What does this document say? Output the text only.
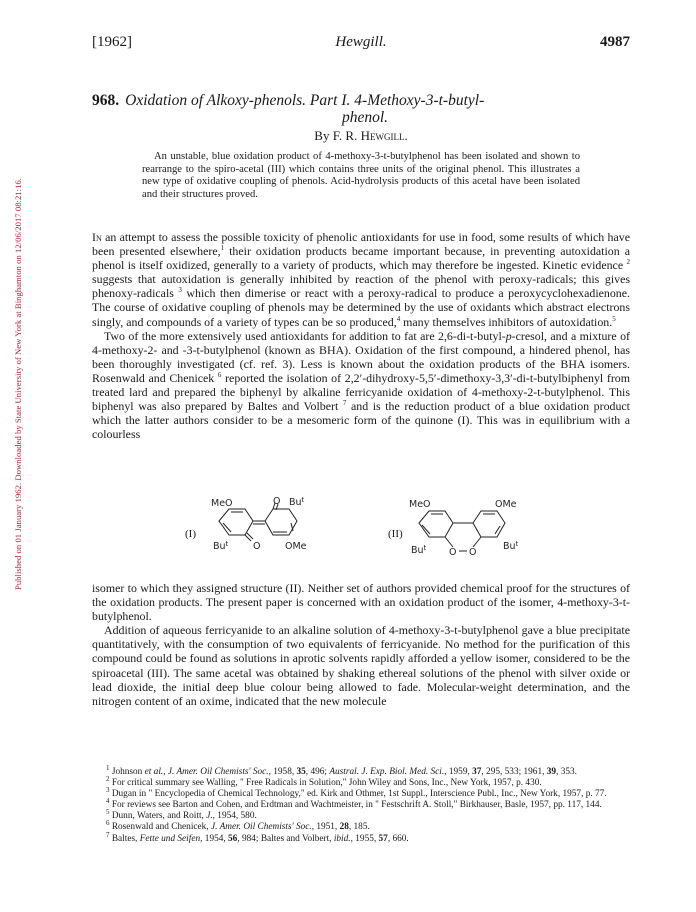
Published on 01 January 1962. Downloaded by State University of New York at Binghamton on 12/06/2017 08:21:16.
[1962]	Hewgill.	4987
968. Oxidation of Alkoxy-phenols. Part I. 4-Methoxy-3-t-butyl-
phenol.
By F. R. Hewgill.

An unstable, blue oxidation product of 4-methoxy-3-t-butylphenol has been isolated and shown to rearrange to the spiro-acetal (III) which contains three units of the original phenol. This illustrates a new type of oxidative coupling of phenols. Acid-hydrolysis products of this acetal have been isolated and their structures proved.

In an attempt to assess the possible toxicity of phenolic antioxidants for use in food, some results of which have been presented elsewhere,$^1$ their oxidation products became important because, in preventing autoxidation a phenol is itself oxidized, generally to a variety of products, which may therefore be ingested. Kinetic evidence $^2$ suggests that autoxidation is generally inhibited by reaction of the phenol with peroxy-radicals; this gives phenoxy-radicals $^3$ which then dimerise or react with a peroxy-radical to produce a peroxycyclohexadienone. The course of oxidative coupling of phenols may be determined by the use of oxidants which abstract electrons singly, and compounds of a variety of types can be so produced,$^4$ many themselves inhibitors of autoxidation.$^5$

Two of the more extensively used antioxidants for addition to fat are 2,6-di-t-butyl-p-cresol, and a mixture of 4-methoxy-2- and -3-t-butylphenol (known as BHA). Oxidation of the first compound, a hindered phenol, has been thoroughly investigated (cf. ref. 3). Less is known about the oxidation products of the BHA isomers. Rosenwald and Chenicek $^6$ reported the isolation of 2,2′-dihydroxy-5,5′-dimethoxy-3,3′-di-t-butylbiphenyl from treated lard and prepared the biphenyl by alkaline ferricyanide oxidation of 4-methoxy-2-t-butylphenol. This biphenyl was also prepared by Baltes and Volbert $^7$ and is the reduction product of a blue oxidation product which the latter authors consider to be a mesomeric form of the quinone (I). This was in equilibrium with a colourless

(I)	(II)
MeO	O Bu$^t$
Bu$^t$	O	OMe
MeO	OMe
Bu$^t$ O O
Bu$^t$

isomer to which they assigned structure (II). Neither set of authors provided chemical proof for the structures of the oxidation products. The present paper is concerned with an oxidation product of the isomer, 4-methoxy-3-t-butylphenol.

Addition of aqueous ferricyanide to an alkaline solution of 4-methoxy-3-t-butylphenol gave a blue precipitate quantitatively, with the consumption of two equivalents of ferricyanide. No method for the purification of this compound could be found as solutions in aprotic solvents rapidly afforded a yellow isomer, considered to be the spiroacetal (III). The same acetal was obtained by shaking ethereal solutions of the phenol with silver oxide or lead dioxide, the initial deep blue colour being allowed to fade. Molecular-weight determination, and the nitrogen content of an oxime, indicated that the new molecule

$^1$ Johnson et al., J. Amer. Oil Chemists' Soc., 1958, 35, 496; Austral. J. Exp. Biol. Med. Sci., 1959, 37, 295, 533; 1961, 39, 353.

$^2$ For critical summary see Walling, " Free Radicals in Solution," John Wiley and Sons, Inc., New York, 1957, p. 430.

$^3$ Dugan in " Encyclopedia of Chemical Technology," ed. Kirk and Othmer, 1st Suppl., Interscience Publ., Inc., New York, 1957, p. 77.

$^4$ For reviews see Barton and Cohen, and Erdtman and Wachtmeister, in " Festschrift A. Stoll," Birkhauser, Basle, 1957, pp. 117, 144.

$^5$ Dunn, Waters, and Roitt, J., 1954, 580.

$^6$ Rosenwald and Chenicek, J. Amer. Oil Chemists' Soc., 1951, 28, 185.

$^7$ Baltes, Fette und Seifen, 1954, 56, 984; Baltes and Volbert, ibid., 1955, 57, 660.
